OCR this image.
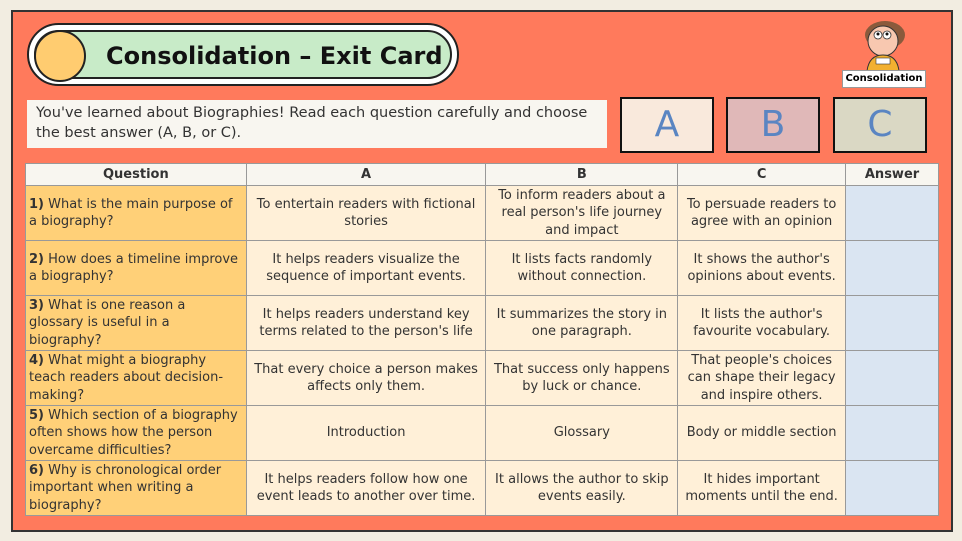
Consolidation – Exit Card
You've learned about Biographies! Read each question carefully and choose the best answer (A, B, or C).	A	B	C
Consolidation
Question	A	B	C	Answer
1) What is the main purpose of a biography?	To entertain readers with fictional stories	To inform readers about a real person's life journey and impact	To persuade readers to agree with an opinion	
2) How does a timeline improve a biography?	It helps readers visualize the sequence of important events.	It lists facts randomly without connection.	It shows the author's opinions about events.	
3) What is one reason a glossary is useful in a biography?	It helps readers understand key terms related to the person's life	It summarizes the story in one paragraph.	It lists the author's favourite vocabulary.	
4) What might a biography teach readers about decision-making?	That every choice a person makes affects only them.	That success only happens by luck or chance.	That people's choices can shape their legacy and inspire others.	
5) Which section of a biography often shows how the person overcame difficulties?	Introduction	Glossary	Body or middle section	
6) Why is chronological order important when writing a biography?	It helps readers follow how one event leads to another over time.	It allows the author to skip events easily.	It hides important moments until the end.	
